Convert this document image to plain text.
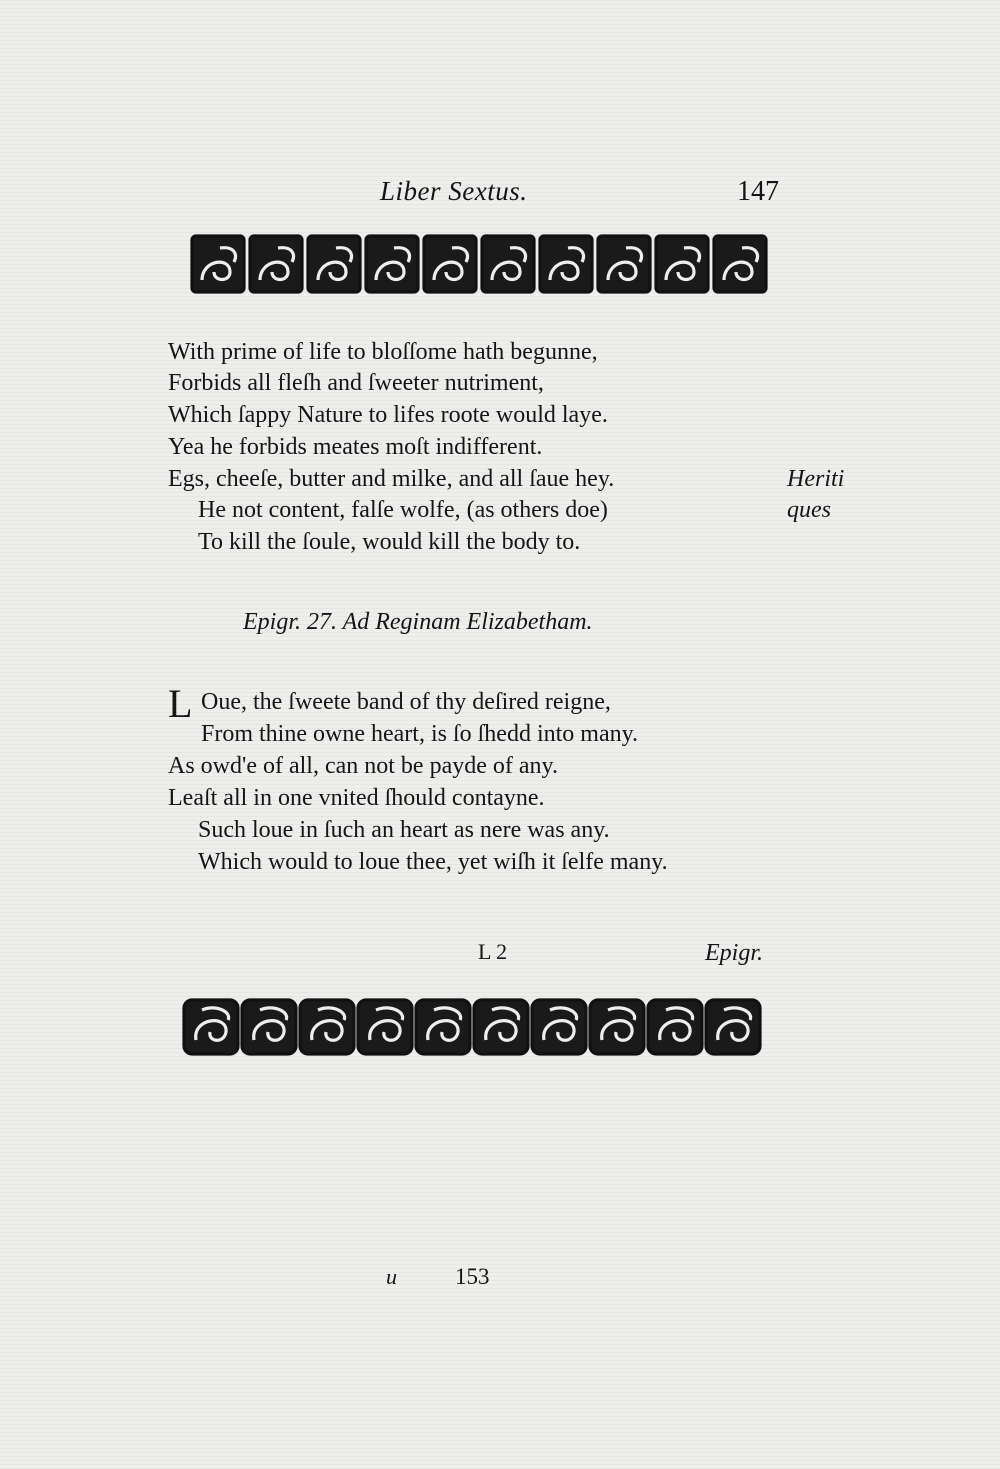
Liber Sextus.	147
With prime of life to bloſſome hath begunne,
Forbids all fleſh and ſweeter nutriment,
Which ſappy Nature to lifes roote would laye.
Yea he forbids meates moſt indifferent.
Egs, cheeſe, butter and milke, and all ſaue hey.
He not content, falſe wolfe, (as others doe)
To kill the ſoule, would kill the body to.
Heriti
ques
Epigr. 27. Ad Reginam Elizabetham.
L Oue, the ſweete band of thy deſired reigne,
From thine owne heart, is ſo ſhedd into many.
As owd'e of all, can not be payde of any.
Leaſt all in one vnited ſhould contayne.
Such loue in ſuch an heart as nere was any.
Which would to loue thee, yet wiſh it ſelfe many.
L 2	Epigr.
u	153
